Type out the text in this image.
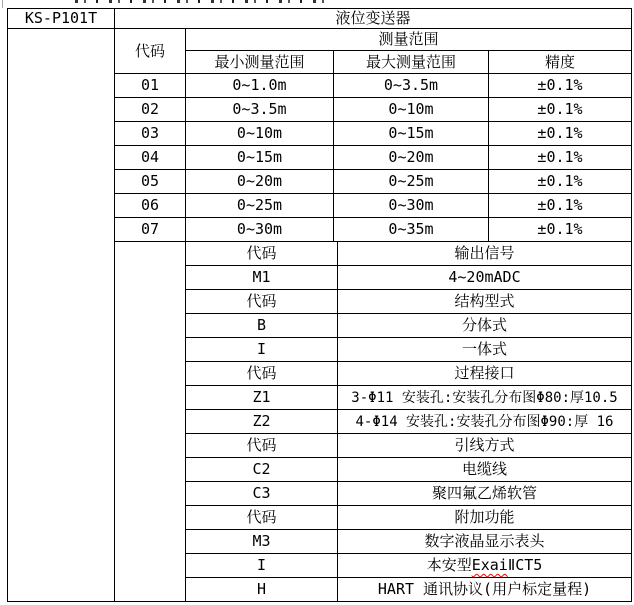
KS-P101T	液位变送器
代码
测量范围
最小测量范围	最大测量范围	精度
01	0~1.0m	0~3.5m	±0.1%
02	0~3.5m	0~10m	±0.1%
03	0~10m	0~15m	±0.1%
04	0~15m	0~20m	±0.1%
05	0~20m	0~25m	±0.1%
06	0~25m	0~30m	±0.1%
07	0~30m	0~35m	±0.1%
代码	输出信号
M1	4~20mADC
代码	结构型式
B	分体式
I	一体式
代码	过程接口
Z1	3-Φ11 安装孔:安装孔分布图Φ80:厚10.5
Z2	4-Φ14 安装孔:安装孔分布图Φ90:厚 16
代码	引线方式
C2	电缆线
C3	聚四氟乙烯软管
代码	附加功能
M3	数字液晶显示表头
I	本安型 Exai ⅡCT5
H	HART 通讯协议(用户标定量程)
